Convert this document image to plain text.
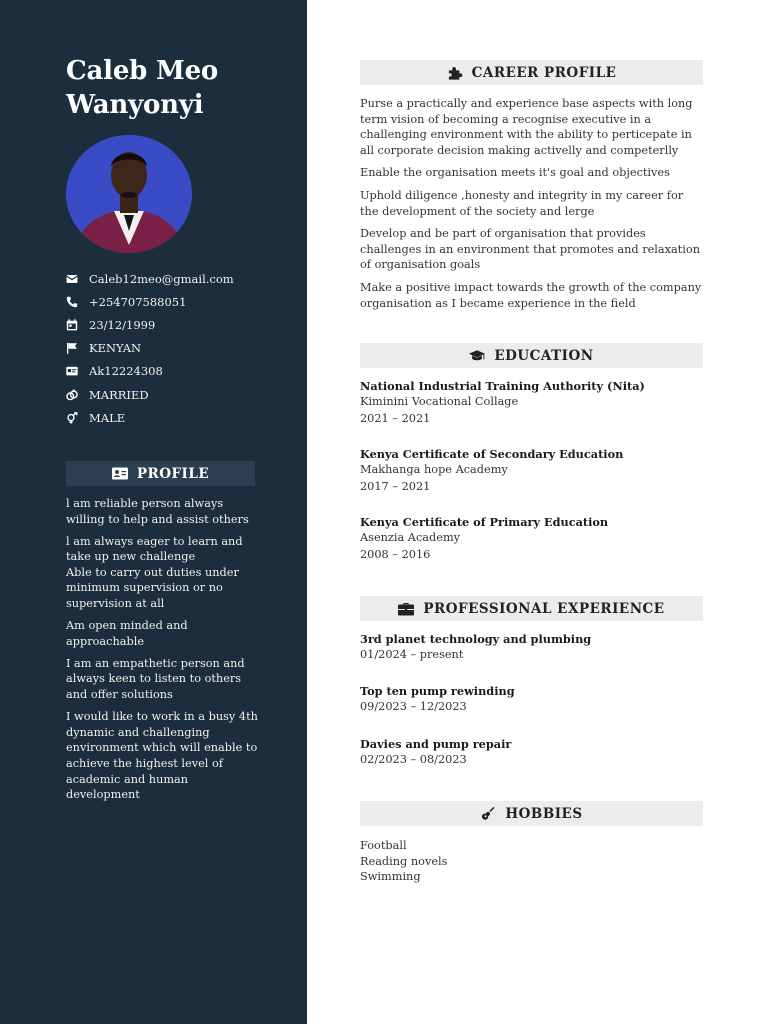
Caleb Meo
Wanyonyi
Caleb12meo@gmail.com
+254707588051
23/12/1999
KENYAN
Ak12224308
MARRIED
MALE
PROFILE

l am reliable person always willing to help and assist others

l am always eager to learn and take up new challenge

Able to carry out duties under minimum supervision or no supervision at all

Am open minded and approachable

I am an empathetic person and always keen to listen to others and offer solutions

I would like to work in a busy 4th dynamic and challenging environment which will enable to achieve the highest level of academic and human development

CAREER PROFILE

Purse a practically and experience base aspects with long term vision of becoming a recognise executive in a challenging environment with the ability to perticepate in all corporate decision making activelly and competerlly

Enable the organisation meets it's goal and objectives

Uphold diligence ,honesty and integrity in my career for the development of the society and lerge

Develop and be part of organisation that provides challenges in an environment that promotes and relaxation of organisation goals

Make a positive impact towards the growth of the company organisation as I became experience in the field

EDUCATION
National Industrial Training Authority (Nita)
Kiminini Vocational Collage
2021 – 2021
Kenya Certificate of Secondary Education
Makhanga hope Academy
2017 – 2021
Kenya Certificate of Primary Education
Asenzia Academy
2008 – 2016
PROFESSIONAL EXPERIENCE
3rd planet technology and plumbing
01/2024 – present
Top ten pump rewinding
09/2023 – 12/2023
Davies and pump repair
02/2023 – 08/2023
HOBBIES
Football
Reading novels
Swimming
